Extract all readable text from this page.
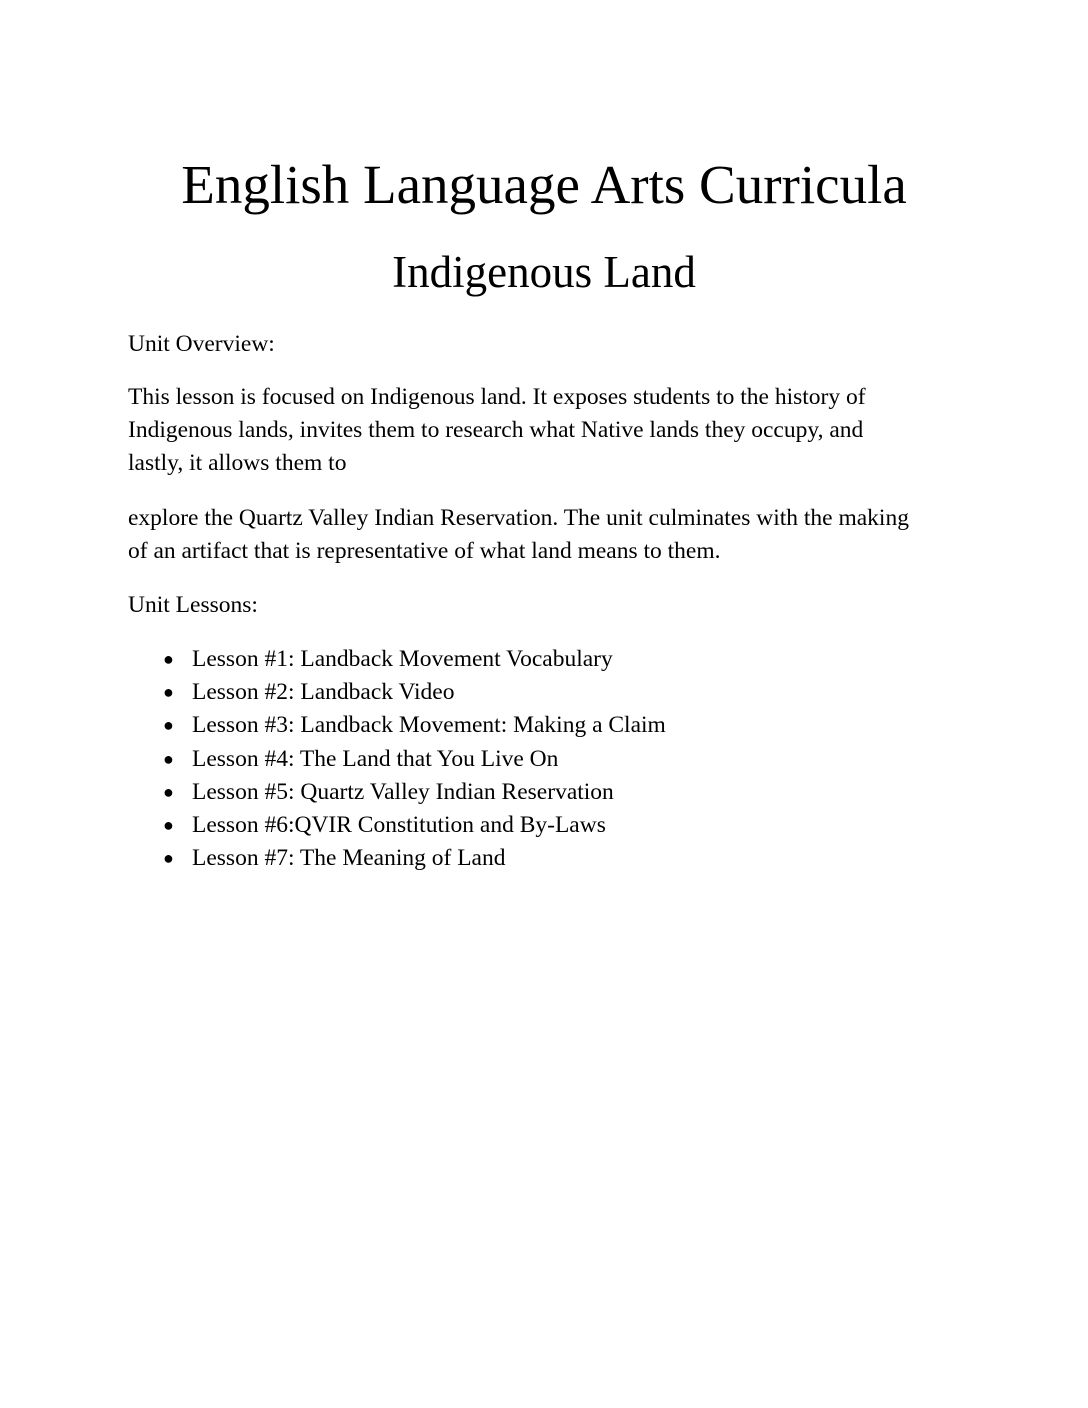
English Language Arts Curricula
Indigenous Land
Unit Overview:
This lesson is focused on Indigenous land. It exposes students to the history of
Indigenous lands, invites them to research what Native lands they occupy, and
lastly, it allows them to
explore the Quartz Valley Indian Reservation. The unit culminates with the making
of an artifact that is representative of what land means to them.
Unit Lessons:
● Lesson #1: Landback Movement Vocabulary
● Lesson #2: Landback Video
● Lesson #3: Landback Movement: Making a Claim
● Lesson #4: The Land that You Live On
● Lesson #5: Quartz Valley Indian Reservation
● Lesson #6:QVIR Constitution and By-Laws
● Lesson #7: The Meaning of Land
